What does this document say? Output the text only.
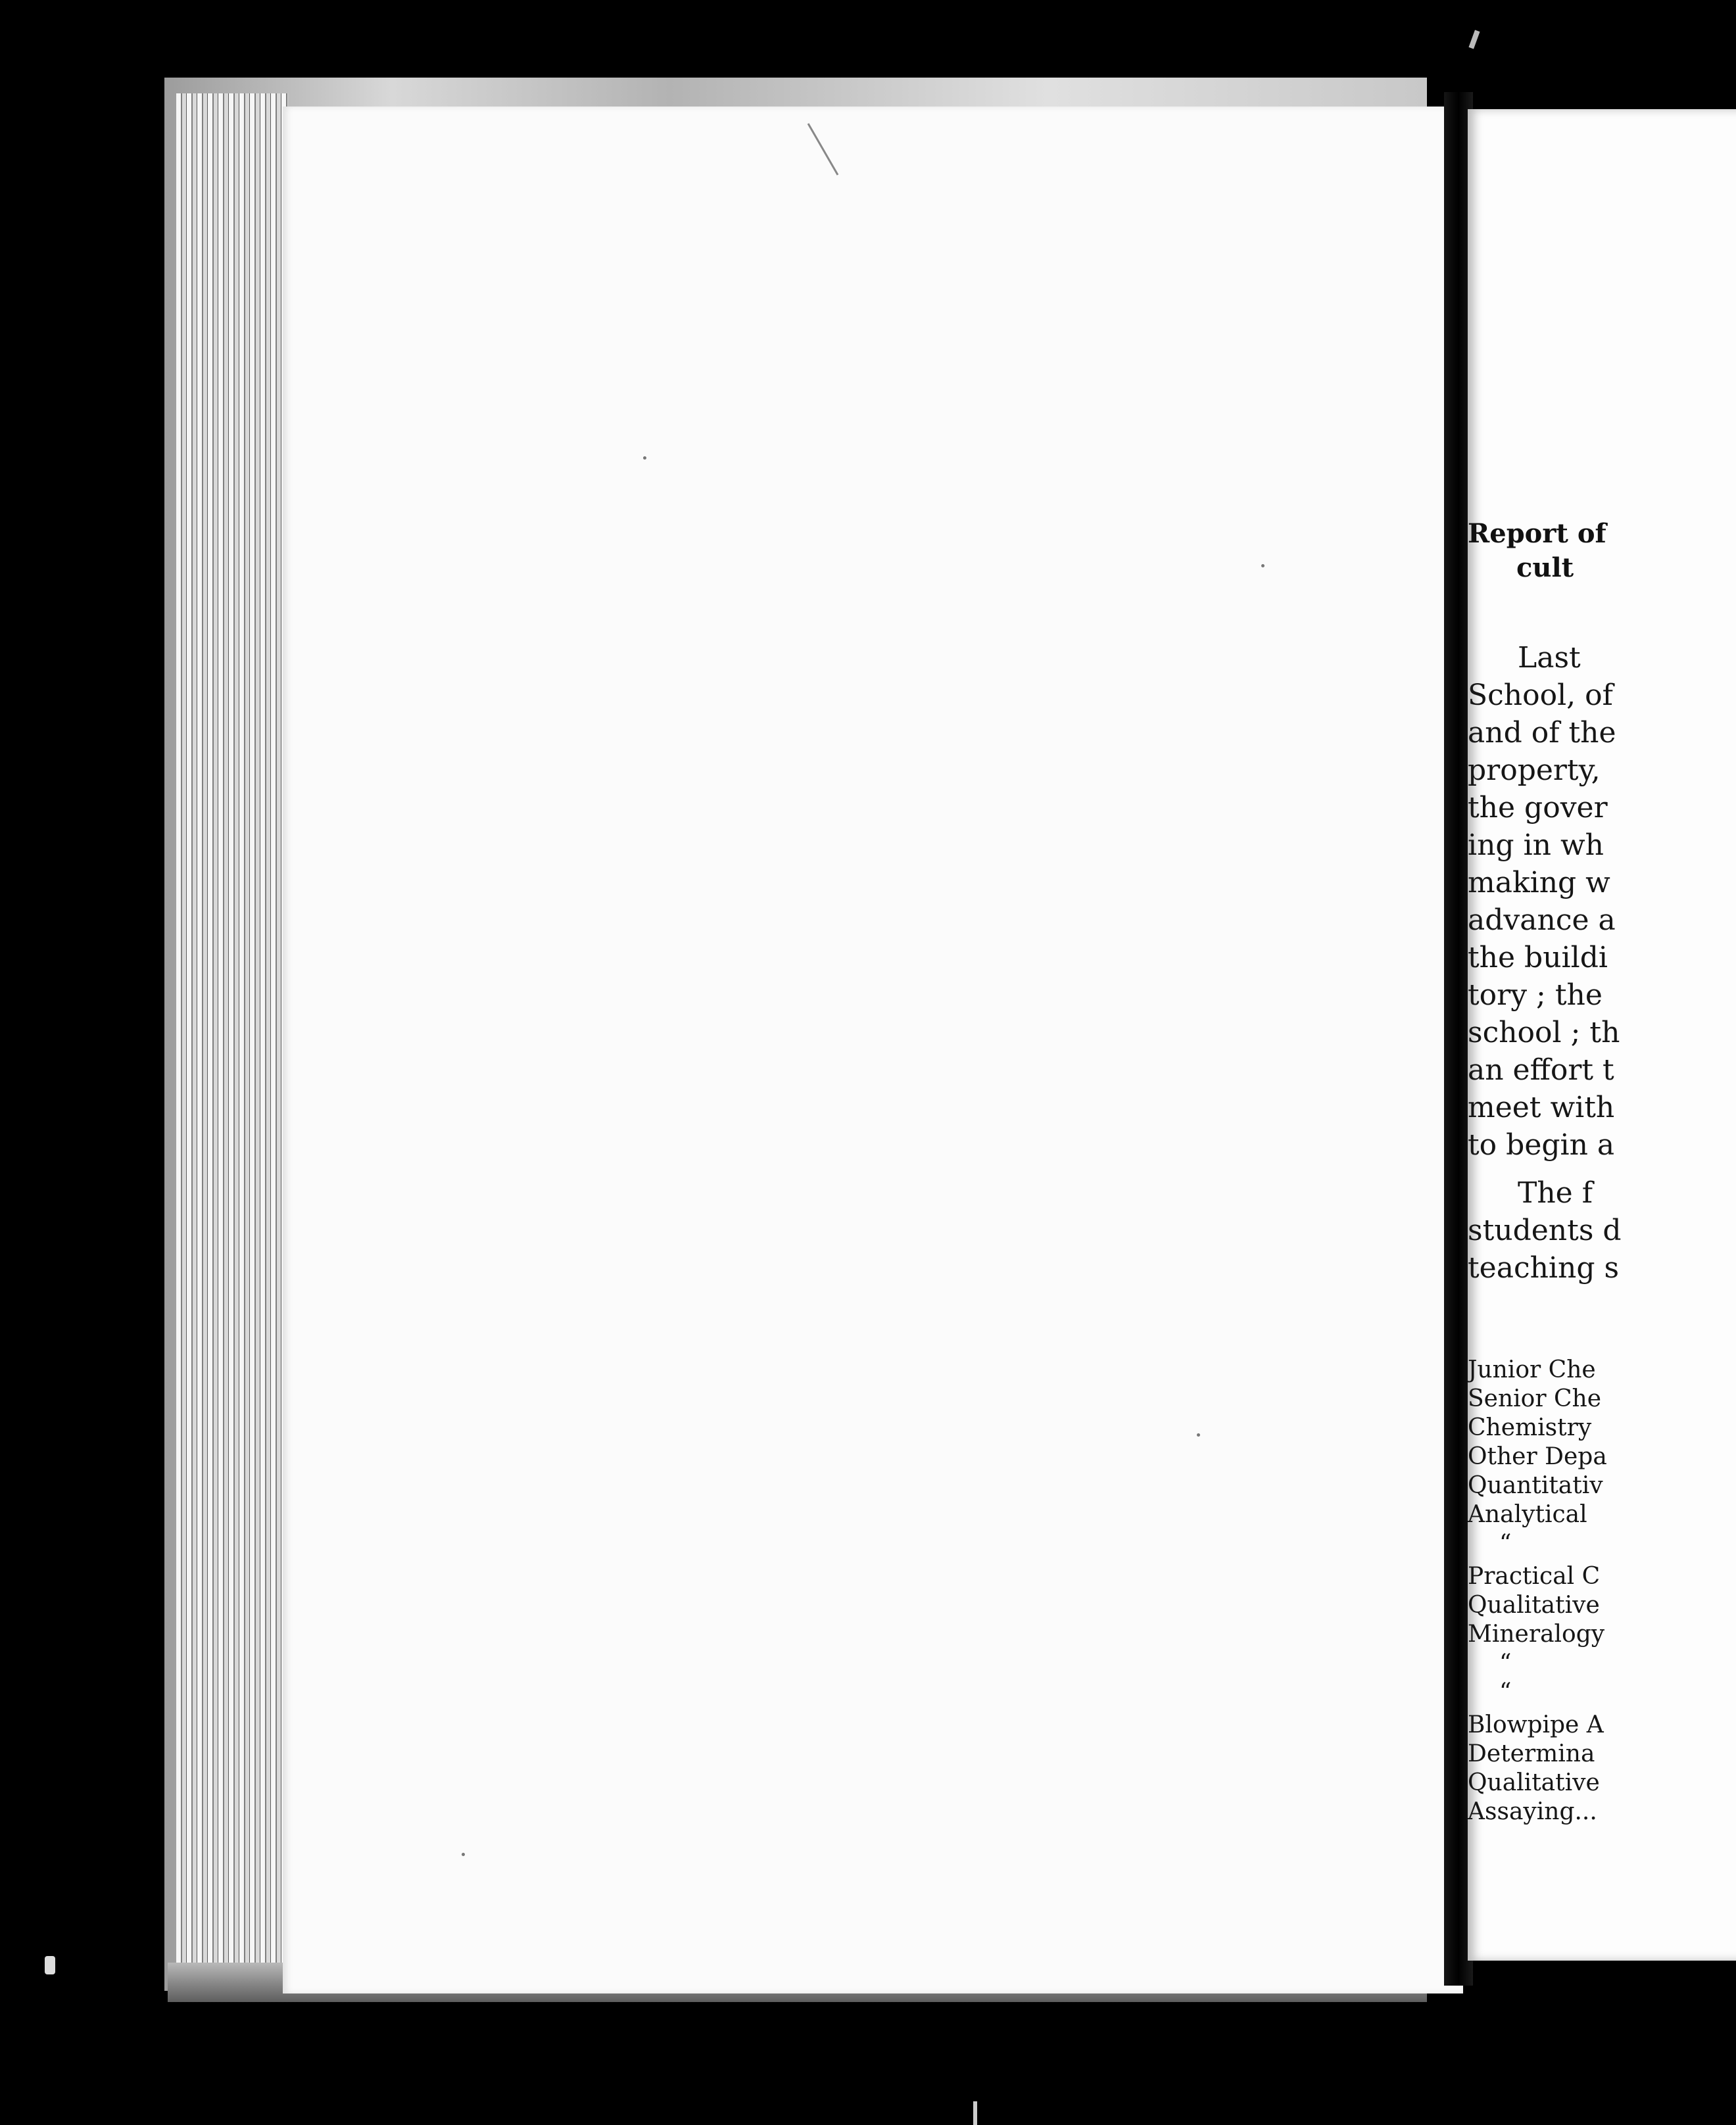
Report of
cult
Last
School, of
and of the
property,
the gover
ing in wh
making w
advance a
the buildi
tory ; the
school ; th
an effort t
meet with
to begin a
The f
students d
teaching s
Junior Che
Senior Che
Chemistry
Other Depa
Quantitativ
Analytical
“
Practical C
Qualitative
Mineralogy
“
“
Blowpipe A
Determina
Qualitative
Assaying...
